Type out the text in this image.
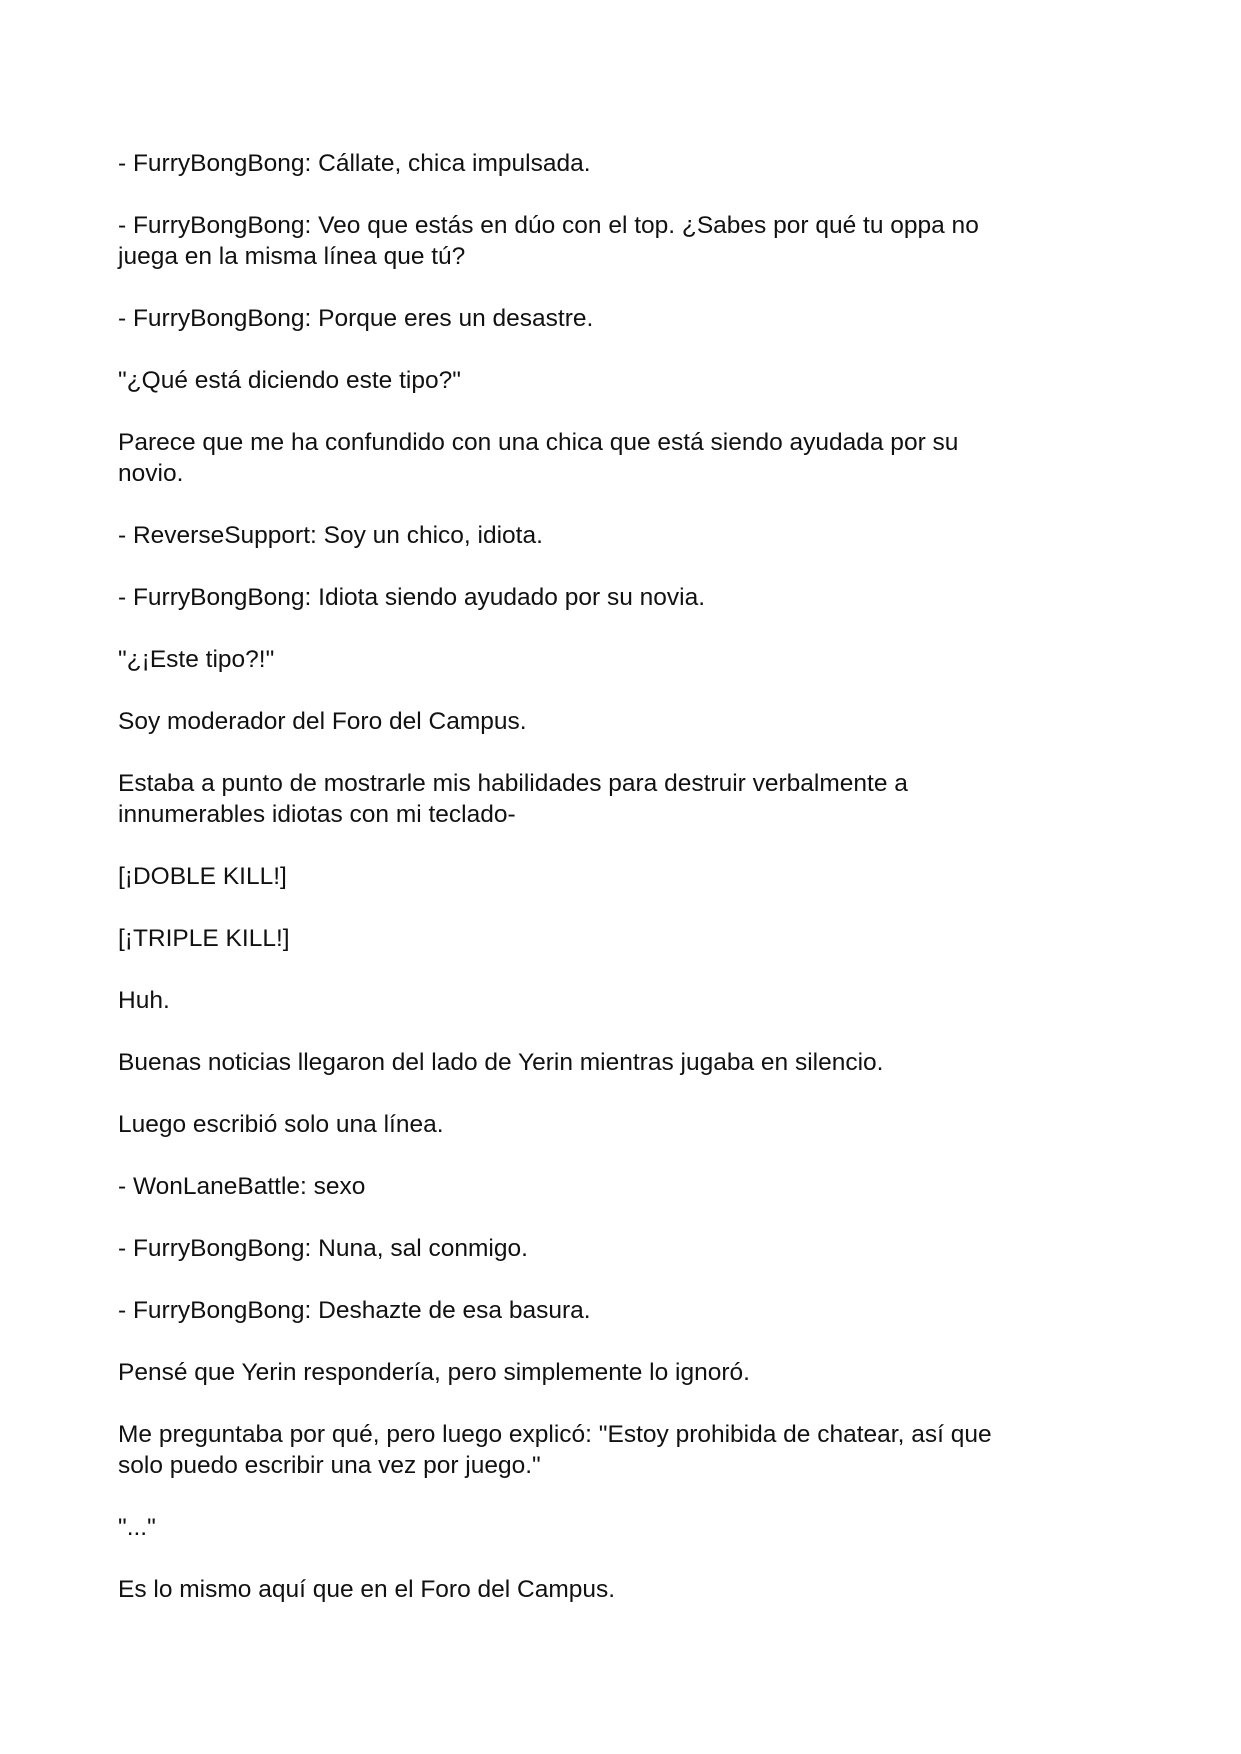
- FurryBongBong: Cállate, chica impulsada.

- FurryBongBong: Veo que estás en dúo con el top. ¿Sabes por qué tu oppa no
juega en la misma línea que tú?

- FurryBongBong: Porque eres un desastre.

"¿Qué está diciendo este tipo?"

Parece que me ha confundido con una chica que está siendo ayudada por su
novio.

- ReverseSupport: Soy un chico, idiota.

- FurryBongBong: Idiota siendo ayudado por su novia.

"¿¡Este tipo?!"

Soy moderador del Foro del Campus.

Estaba a punto de mostrarle mis habilidades para destruir verbalmente a
innumerables idiotas con mi teclado-

[¡DOBLE KILL!]

[¡TRIPLE KILL!]

Huh.

Buenas noticias llegaron del lado de Yerin mientras jugaba en silencio.

Luego escribió solo una línea.

- WonLaneBattle: sexo

- FurryBongBong: Nuna, sal conmigo.

- FurryBongBong: Deshazte de esa basura.

Pensé que Yerin respondería, pero simplemente lo ignoró.

Me preguntaba por qué, pero luego explicó: "Estoy prohibida de chatear, así que
solo puedo escribir una vez por juego."

"..."

Es lo mismo aquí que en el Foro del Campus.
